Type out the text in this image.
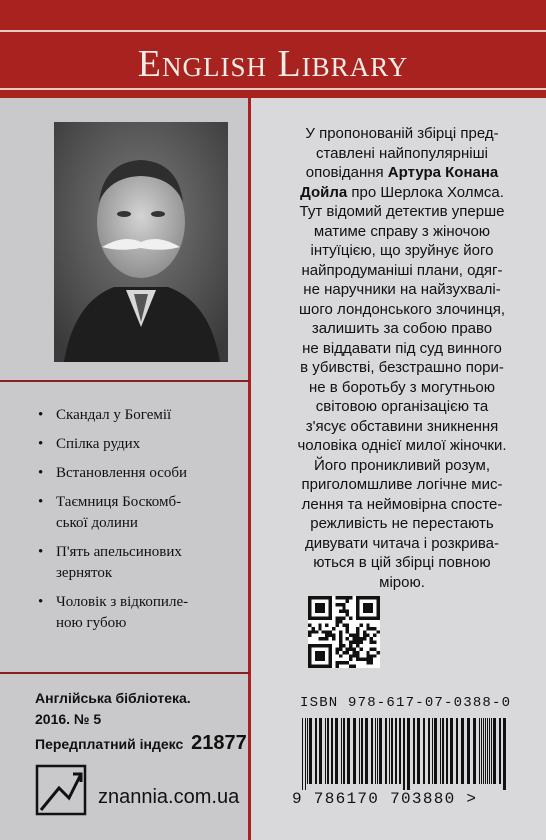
English Library
• Скандал у Богемії
• Спілка рудих
• Встановлення особи
• Таємниця Боскомб-
ської долини
• П'ять апельсинових
зерняток
• Чоловік з відкопиле-
ною губою
Англійська бібліотека.
2016. № 5
Передплатний індекс 21877
znannia.com.ua
У пропонованій збірці пред-
ставлені найпопулярніші
оповідання Артура Конана
Дойла про Шерлока Холмса.
Тут відомий детектив уперше
матиме справу з жіночою
інтуїцією, що зруйнує його
найпродуманіші плани, одяг-
не наручники на найзухвалі-
шого лондонського злочинця,
залишить за собою право
не віддавати під суд винного
в убивстві, безстрашно пори-
не в боротьбу з могутньою
світовою організацією та
з'ясує обставини зникнення
чоловіка однієї милої жіночки.
Його проникливий розум,
приголомшливе логічне мис-
лення та неймовірна спосте-
режливість не перестають
дивувати читача і розкрива-
ються в цій збірці повною
мірою.
ISBN 978-617-07-0388-0
9 786170 703880 >
